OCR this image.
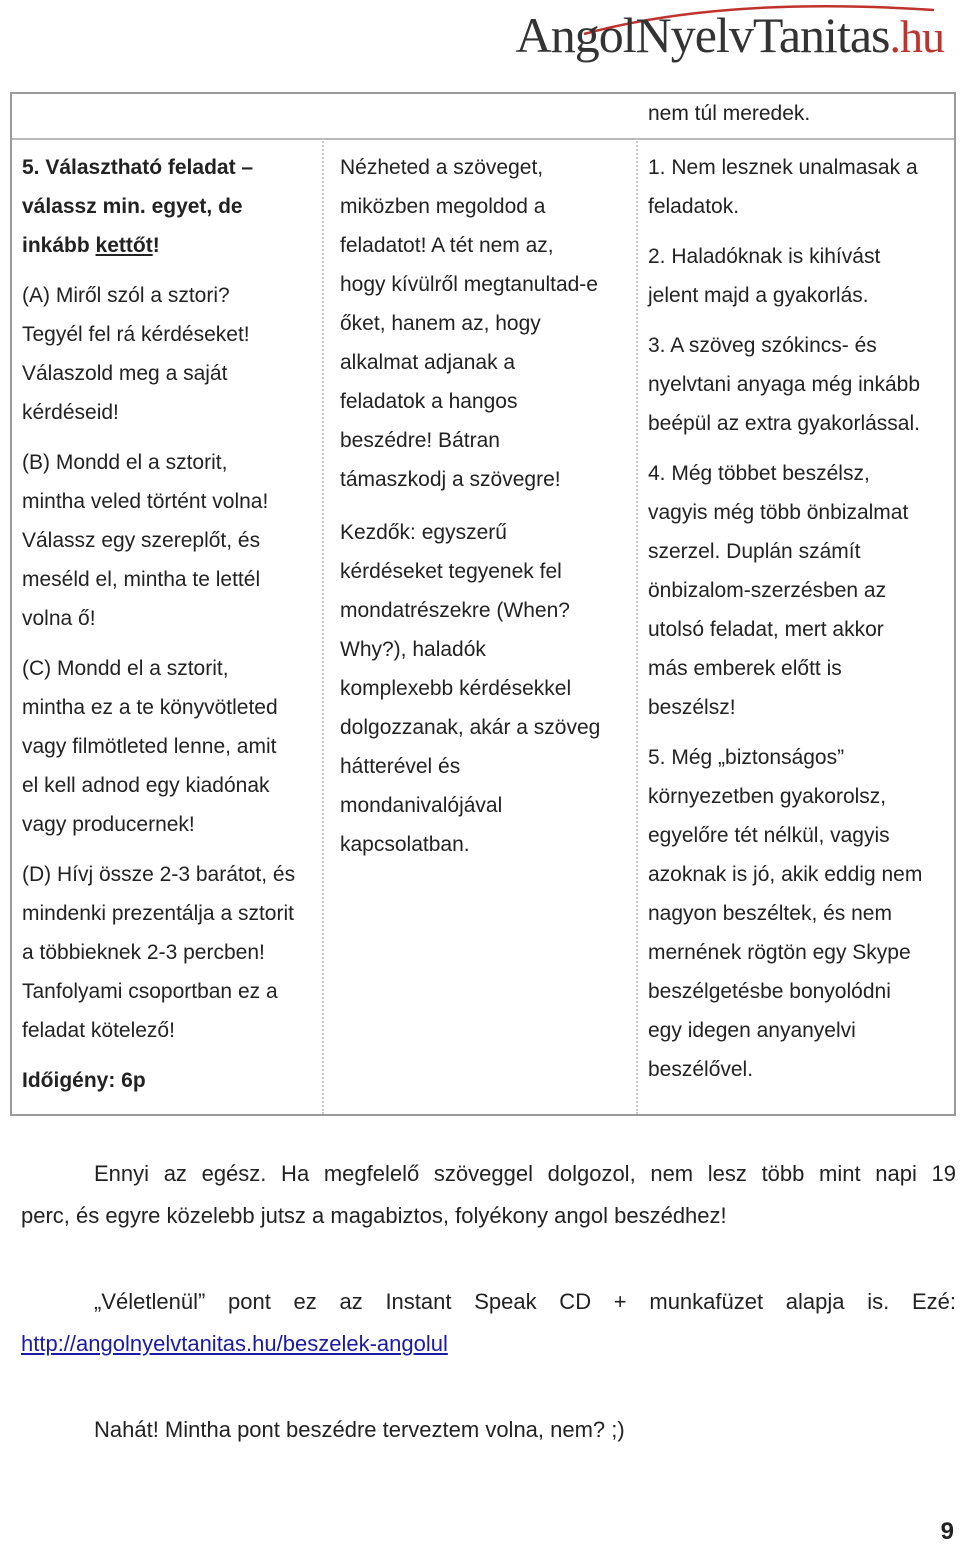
AngolNyelvTanitas.hu

nem túl meredek.

5. Választható feladat –

válassz min. egyet, de

inkább kettőt!

(A) Miről szól a sztori?

Tegyél fel rá kérdéseket!

Válaszold meg a saját

kérdéseid!

(B) Mondd el a sztorit,

mintha veled történt volna!

Válassz egy szereplőt, és

meséld el, mintha te lettél

volna ő!

(C) Mondd el a sztorit,

mintha ez a te könyvötleted

vagy filmötleted lenne, amit

el kell adnod egy kiadónak

vagy producernek!

(D) Hívj össze 2-3 barátot, és

mindenki prezentálja a sztorit

a többieknek 2-3 percben!

Tanfolyami csoportban ez a

feladat kötelező!

Időigény: 6p

Nézheted a szöveget,

miközben megoldod a

feladatot! A tét nem az,

hogy kívülről megtanultad-e

őket, hanem az, hogy

alkalmat adjanak a

feladatok a hangos

beszédre! Bátran

támaszkodj a szövegre!

Kezdők: egyszerű

kérdéseket tegyenek fel

mondatrészekre (When?

Why?), haladók

komplexebb kérdésekkel

dolgozzanak, akár a szöveg

hátterével és

mondanivalójával

kapcsolatban.

1. Nem lesznek unalmasak a

feladatok.

2. Haladóknak is kihívást

jelent majd a gyakorlás.

3. A szöveg szókincs- és

nyelvtani anyaga még inkább

beépül az extra gyakorlással.

4. Még többet beszélsz,

vagyis még több önbizalmat

szerzel. Duplán számít

önbizalom-szerzésben az

utolsó feladat, mert akkor

más emberek előtt is

beszélsz!

5. Még „biztonságos”

környezetben gyakorolsz,

egyelőre tét nélkül, vagyis

azoknak is jó, akik eddig nem

nagyon beszéltek, és nem

mernének rögtön egy Skype

beszélgetésbe bonyolódni

egy idegen anyanyelvi

beszélővel.

Ennyi az egész. Ha megfelelő szöveggel dolgozol, nem lesz több mint napi 19

perc, és egyre közelebb jutsz a magabiztos, folyékony angol beszédhez!

„Véletlenül” pont ez az Instant Speak CD + munkafüzet alapja is. Ezé:

http://angolnyelvtanitas.hu/beszelek-angolul

Nahát! Mintha pont beszédre terveztem volna, nem? ;)

9
